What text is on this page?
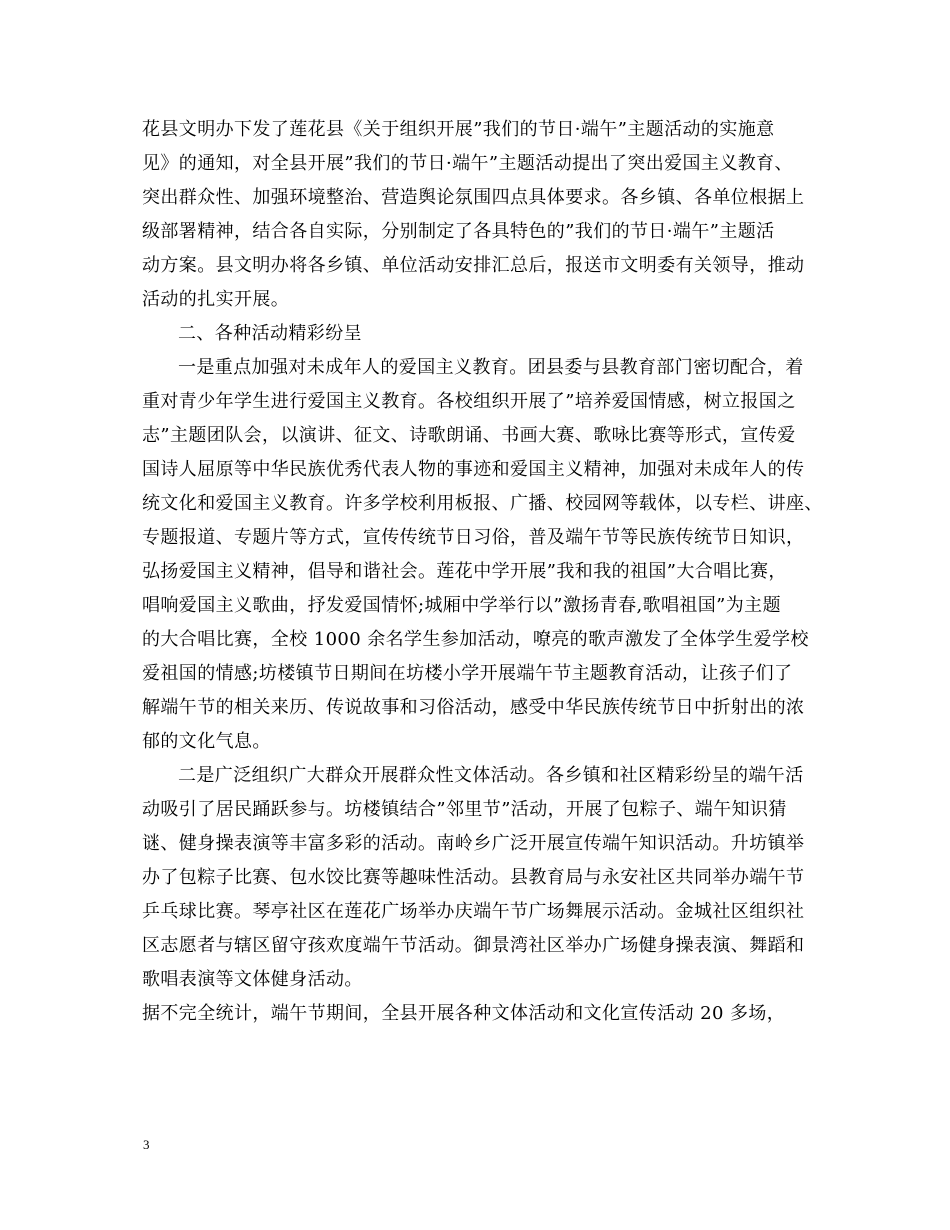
花县文明办下发了莲花县《关于组织开展”我们的节日·端午”主题活动的实施意
见》的通知，对全县开展”我们的节日·端午”主题活动提出了突出爱国主义教育、
突出群众性、加强环境整治、营造舆论氛围四点具体要求。各乡镇、各单位根据上
级部署精神，结合各自实际，分别制定了各具特色的”我们的节日·端午”主题活
动方案。县文明办将各乡镇、单位活动安排汇总后，报送市文明委有关领导，推动
活动的扎实开展。
二、各种活动精彩纷呈
一是重点加强对未成年人的爱国主义教育。团县委与县教育部门密切配合，着
重对青少年学生进行爱国主义教育。各校组织开展了”培养爱国情感，树立报国之
志”主题团队会，以演讲、征文、诗歌朗诵、书画大赛、歌咏比赛等形式，宣传爱
国诗人屈原等中华民族优秀代表人物的事迹和爱国主义精神，加强对未成年人的传
统文化和爱国主义教育。许多学校利用板报、广播、校园网等载体，以专栏、讲座、
专题报道、专题片等方式，宣传传统节日习俗，普及端午节等民族传统节日知识，
弘扬爱国主义精神，倡导和谐社会。莲花中学开展”我和我的祖国”大合唱比赛，
唱响爱国主义歌曲，抒发爱国情怀;城厢中学举行以”激扬青春,歌唱祖国”为主题
的大合唱比赛，全校 1000 余名学生参加活动，嘹亮的歌声激发了全体学生爱学校
爱祖国的情感;坊楼镇节日期间在坊楼小学开展端午节主题教育活动，让孩子们了
解端午节的相关来历、传说故事和习俗活动，感受中华民族传统节日中折射出的浓
郁的文化气息。
二是广泛组织广大群众开展群众性文体活动。各乡镇和社区精彩纷呈的端午活
动吸引了居民踊跃参与。坊楼镇结合”邻里节”活动，开展了包粽子、端午知识猜
谜、健身操表演等丰富多彩的活动。南岭乡广泛开展宣传端午知识活动。升坊镇举
办了包粽子比赛、包水饺比赛等趣味性活动。县教育局与永安社区共同举办端午节
乒乓球比赛。琴亭社区在莲花广场举办庆端午节广场舞展示活动。金城社区组织社
区志愿者与辖区留守孩欢度端午节活动。御景湾社区举办广场健身操表演、舞蹈和
歌唱表演等文体健身活动。
据不完全统计，端午节期间，全县开展各种文体活动和文化宣传活动 20 多场，
3
